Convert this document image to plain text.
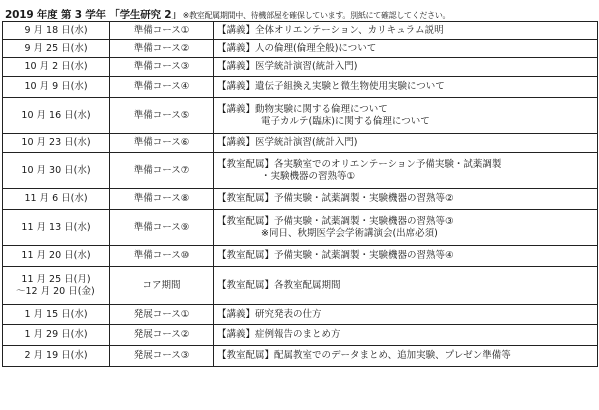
2019 年度 第 3 学年 「学生研究 2」※教室配属期間中、待機部屋を確保しています。別紙にて確認してください。
9 月 18 日(水)	準備コース①	【講義】全体オリエンテーション、カリキュラム説明

9 月 25 日(水)	準備コース②	【講義】人の倫理(倫理全般)について

10 月 2 日(水)	準備コース③	【講義】医学統計演習(統計入門)

10 月 9 日(水)	準備コース④	【講義】遺伝子組換え実験と微生物使用実験について

10 月 16 日(水)	準備コース⑤	【講義】動物実験に関する倫理について
電子カルテ(臨床)に関する倫理について

10 月 23 日(水)	準備コース⑥	【講義】医学統計演習(統計入門)

10 月 30 日(水)	準備コース⑦	【教室配属】各実験室でのオリエンテーション予備実験・試薬調製
・実験機器の習熟等①

11 月 6 日(水)	準備コース⑧	【教室配属】予備実験・試薬調製・実験機器の習熟等②

11 月 13 日(水)	準備コース⑨	【教室配属】予備実験・試薬調製・実験機器の習熟等③
※同日、秋期医学会学術講演会(出席必須)

11 月 20 日(水)	準備コース⑩	【教室配属】予備実験・試薬調製・実験機器の習熟等④

11 月 25 日(月)
～12 月 20 日(金)	コア期間	【教室配属】各教室配属期間

1 月 15 日(水)	発展コース①	【講義】研究発表の仕方

1 月 29 日(水)	発展コース②	【講義】症例報告のまとめ方

2 月 19 日(水)	発展コース③	【教室配属】配属教室でのデータまとめ、追加実験、プレゼン準備等
